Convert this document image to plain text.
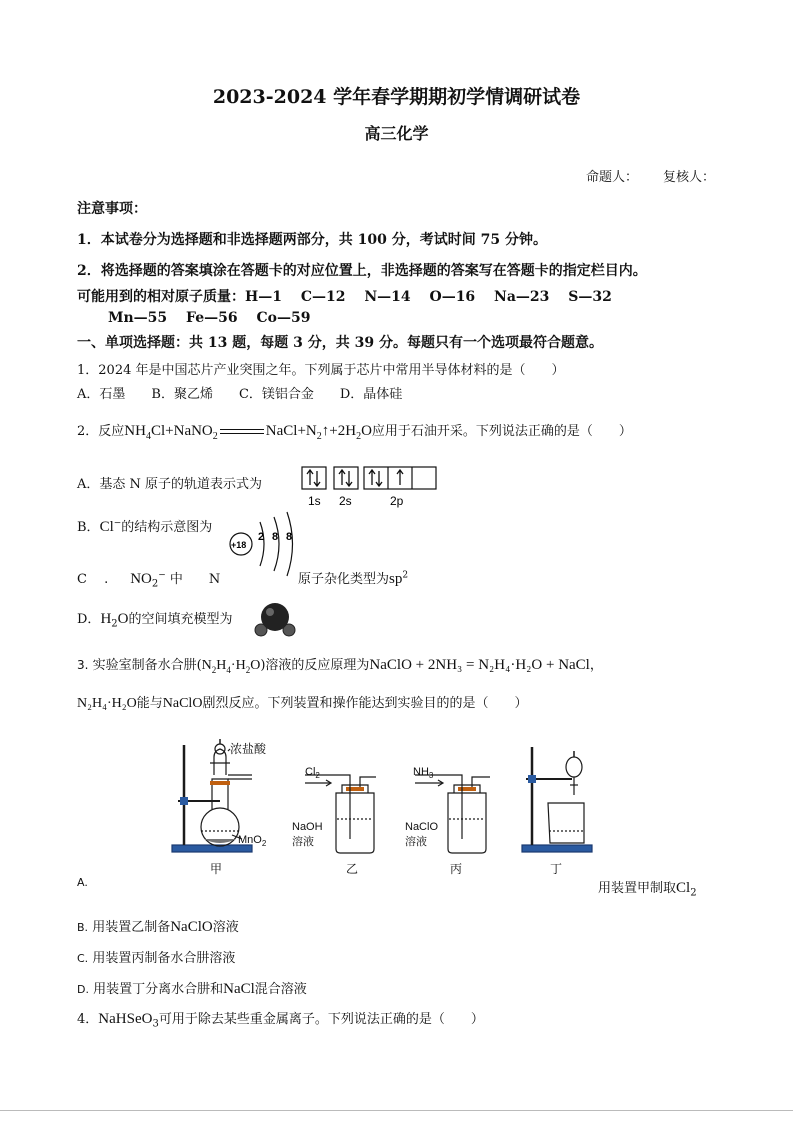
2023-2024 学年春学期期初学情调研试卷
高三化学
命题人： 复核人：
注意事项：
1．本试卷分为选择题和非选择题两部分，共 100 分，考试时间 75 分钟。
2．将选择题的答案填涂在答题卡的对应位置上，非选择题的答案写在答题卡的指定栏目内。
可能用到的相对原子质量：H—1　 C—12　 N—14　 O—16　 Na—23　 S—32
Mn—55　 Fe—56　 Co—59
一、单项选择题：共 13 题，每题 3 分，共 39 分。每题只有一个选项最符合题意。
1．2024 年是中国芯片产业突围之年。下列属于芯片中常用半导体材料的是（　　）
A．石墨　　B．聚乙烯　　C．镁铝合金　　D．晶体硅
2．反应$NH_4Cl+NaNO_2$	$NaCl+N_2↑+2H_2O$应用于石油开采。下列说法正确的是（　　）
A．基态 N 原子的轨道表示式为
1s 2s	2p
B．Cl−的结构示意图为
+18
2 8 8
C　 . $NO_2^-$ 中　　N	原子杂化类型为$sp^2$
D．$H_2O$的空间填充模型为
3. 实验室制备水合肼$(N_2H_4\cdot H_2O)$溶液的反应原理为NaClO + 2NH₃ = N₂H₄·H₂O + NaCl，
N₂H₄·H₂O能与NaClO剧烈反应。下列装置和操作能达到实验目的的是（　　）
浓盐酸
MnO$_2$
$Cl_2$
NaOH
溶液
$NH_3$
NaClO
溶液
甲	乙	丙	丁
A.	用装置甲制取$Cl_2$
B. 用装置乙制备NaClO溶液
C. 用装置丙制备水合肼溶液
D. 用装置丁分离水合肼和NaCl混合溶液
4．NaHSeO$_3$可用于除去某些重金属离子。下列说法正确的是（　　）
